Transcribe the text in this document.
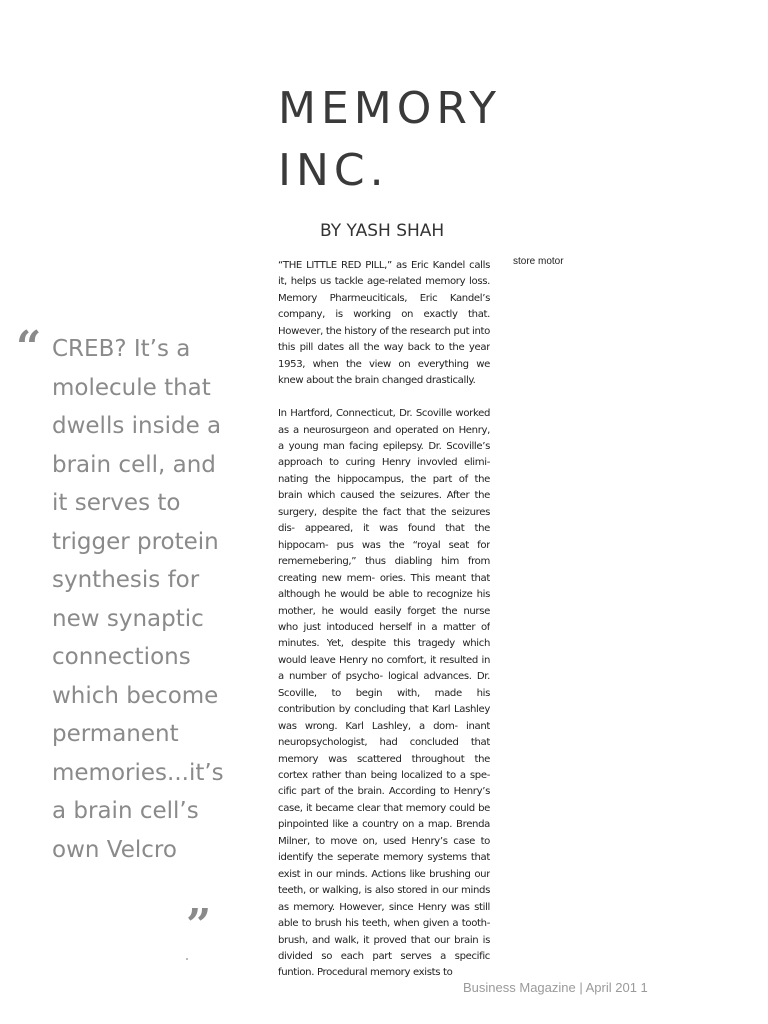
MEMORY
INC.
BY YASH SHAH
store motor
“ CREB? It’s a molecule that dwells inside a brain cell, and it serves to trigger protein synthesis for new synaptic connections which become permanent memories...it’s a brain cell’s own Velcro
”

“THE LITTLE RED PILL,” as Eric Kandel calls it, helps us tackle age-related memory loss. Memory Pharmeuciticals, Eric Kandel’s company, is working on exactly that. However, the history of the research put into this pill dates all the way back to the year 1953, when the view on everything we knew about the brain changed drastically.

In Hartford, Connecticut, Dr. Scoville worked as a neurosurgeon and operated on Henry, a young man facing epilepsy. Dr. Scoville’s approach to curing Henry invovled elimi- nating the hippocampus, the part of the brain which caused the seizures. After the surgery, despite the fact that the seizures dis- appeared, it was found that the hippocam- pus was the “royal seat for rememebering,” thus diabling him from creating new mem- ories. This meant that although he would be able to recognize his mother, he would easily forget the nurse who just intoduced herself in a matter of minutes. Yet, despite this tragedy which would leave Henry no comfort, it resulted in a number of psycho- logical advances. Dr. Scoville, to begin with, made his contribution by concluding that Karl Lashley was wrong. Karl Lashley, a dom- inant neuropsychologist, had concluded that memory was scattered throughout the cortex rather than being localized to a spe- cific part of the brain. According to Henry’s case, it became clear that memory could be pinpointed like a country on a map. Brenda Milner, to move on, used Henry’s case to identify the seperate memory systems that exist in our minds. Actions like brushing our teeth, or walking, is also stored in our minds as memory. However, since Henry was still able to brush his teeth, when given a tooth- brush, and walk, it proved that our brain is divided so each part serves a specific funtion. Procedural memory exists to

Business Magazine | April 201 1
